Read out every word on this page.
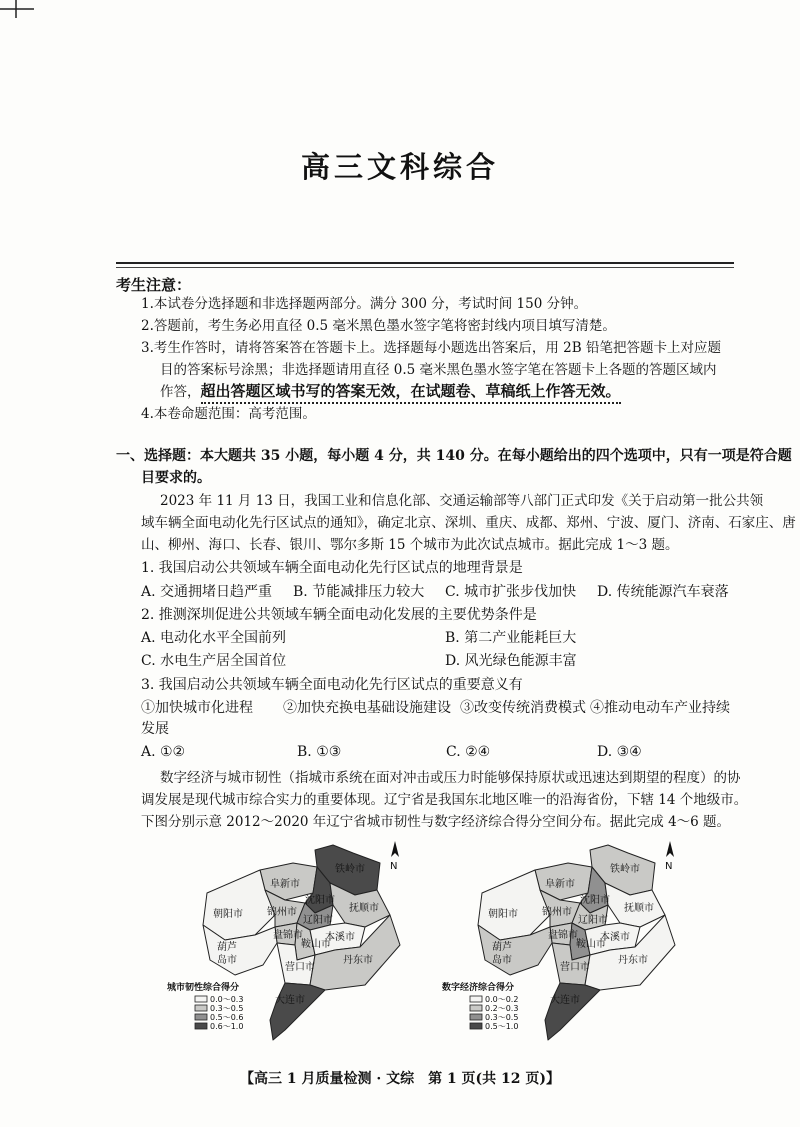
高三文科综合
考生注意：
1.本试卷分选择题和非选择题两部分。满分 300 分，考试时间 150 分钟。
2.答题前，考生务必用直径 0.5 毫米黑色墨水签字笔将密封线内项目填写清楚。
3.考生作答时，请将答案答在答题卡上。选择题每小题选出答案后，用 2B 铅笔把答题卡上对应题
目的答案标号涂黑；非选择题请用直径 0.5 毫米黑色墨水签字笔在答题卡上各题的答题区域内
作答，超出答题区域书写的答案无效，在试题卷、草稿纸上作答无效。
4.本卷命题范围：高考范围。
一、选择题：本大题共 35 小题，每小题 4 分，共 140 分。在每小题给出的四个选项中，只有一项是符合题
目要求的。
2023 年 11 月 13 日，我国工业和信息化部、交通运输部等八部门正式印发《关于启动第一批公共领
域车辆全面电动化先行区试点的通知》，确定北京、深圳、重庆、成都、郑州、宁波、厦门、济南、石家庄、唐
山、柳州、海口、长春、银川、鄂尔多斯 15 个城市为此次试点城市。据此完成 1～3 题。
1. 我国启动公共领域车辆全面电动化先行区试点的地理背景是
A. 交通拥堵日趋严重 B. 节能减排压力较大 C. 城市扩张步伐加快 D. 传统能源汽车衰落
2. 推测深圳促进公共领域车辆全面电动化发展的主要优势条件是
A. 电动化水平全国前列	B. 第二产业能耗巨大
C. 水电生产居全国首位	D. 风光绿色能源丰富
3. 我国启动公共领域车辆全面电动化先行区试点的重要意义有
①加快城市化进程 ②加快充换电基础设施建设 ③改变传统消费模式 ④推动电动车产业持续
发展
A. ①②	B. ①③	C. ②④	D. ③④
数字经济与城市韧性（指城市系统在面对冲击或压力时能够保持原状或迅速达到期望的程度）的协
调发展是现代城市综合实力的重要体现。辽宁省是我国东北地区唯一的沿海省份，下辖 14 个地级市。
下图分别示意 2012～2020 年辽宁省城市韧性与数字经济综合得分空间分布。据此完成 4～6 题。
N
铁岭市
阜新市
沈阳市
抚顺市
朝阳市 锦州市
辽阳市
盘锦市
鞍山市
本溪市
葫芦
岛市
营口市
丹东市
大连市
城市韧性综合得分
0.0～0.3
0.3～0.5
0.5～0.6
0.6～1.0
N
铁岭市
阜新市
沈阳市
抚顺市
朝阳市 锦州市
辽阳市
盘锦市
鞍山市
本溪市
葫芦
岛市
营口市
丹东市
大连市
数字经济综合得分
0.0～0.2
0.2～0.3
0.3～0.5
0.5～1.0
【高三 1 月质量检测 · 文综　第 1 页(共 12 页)】
